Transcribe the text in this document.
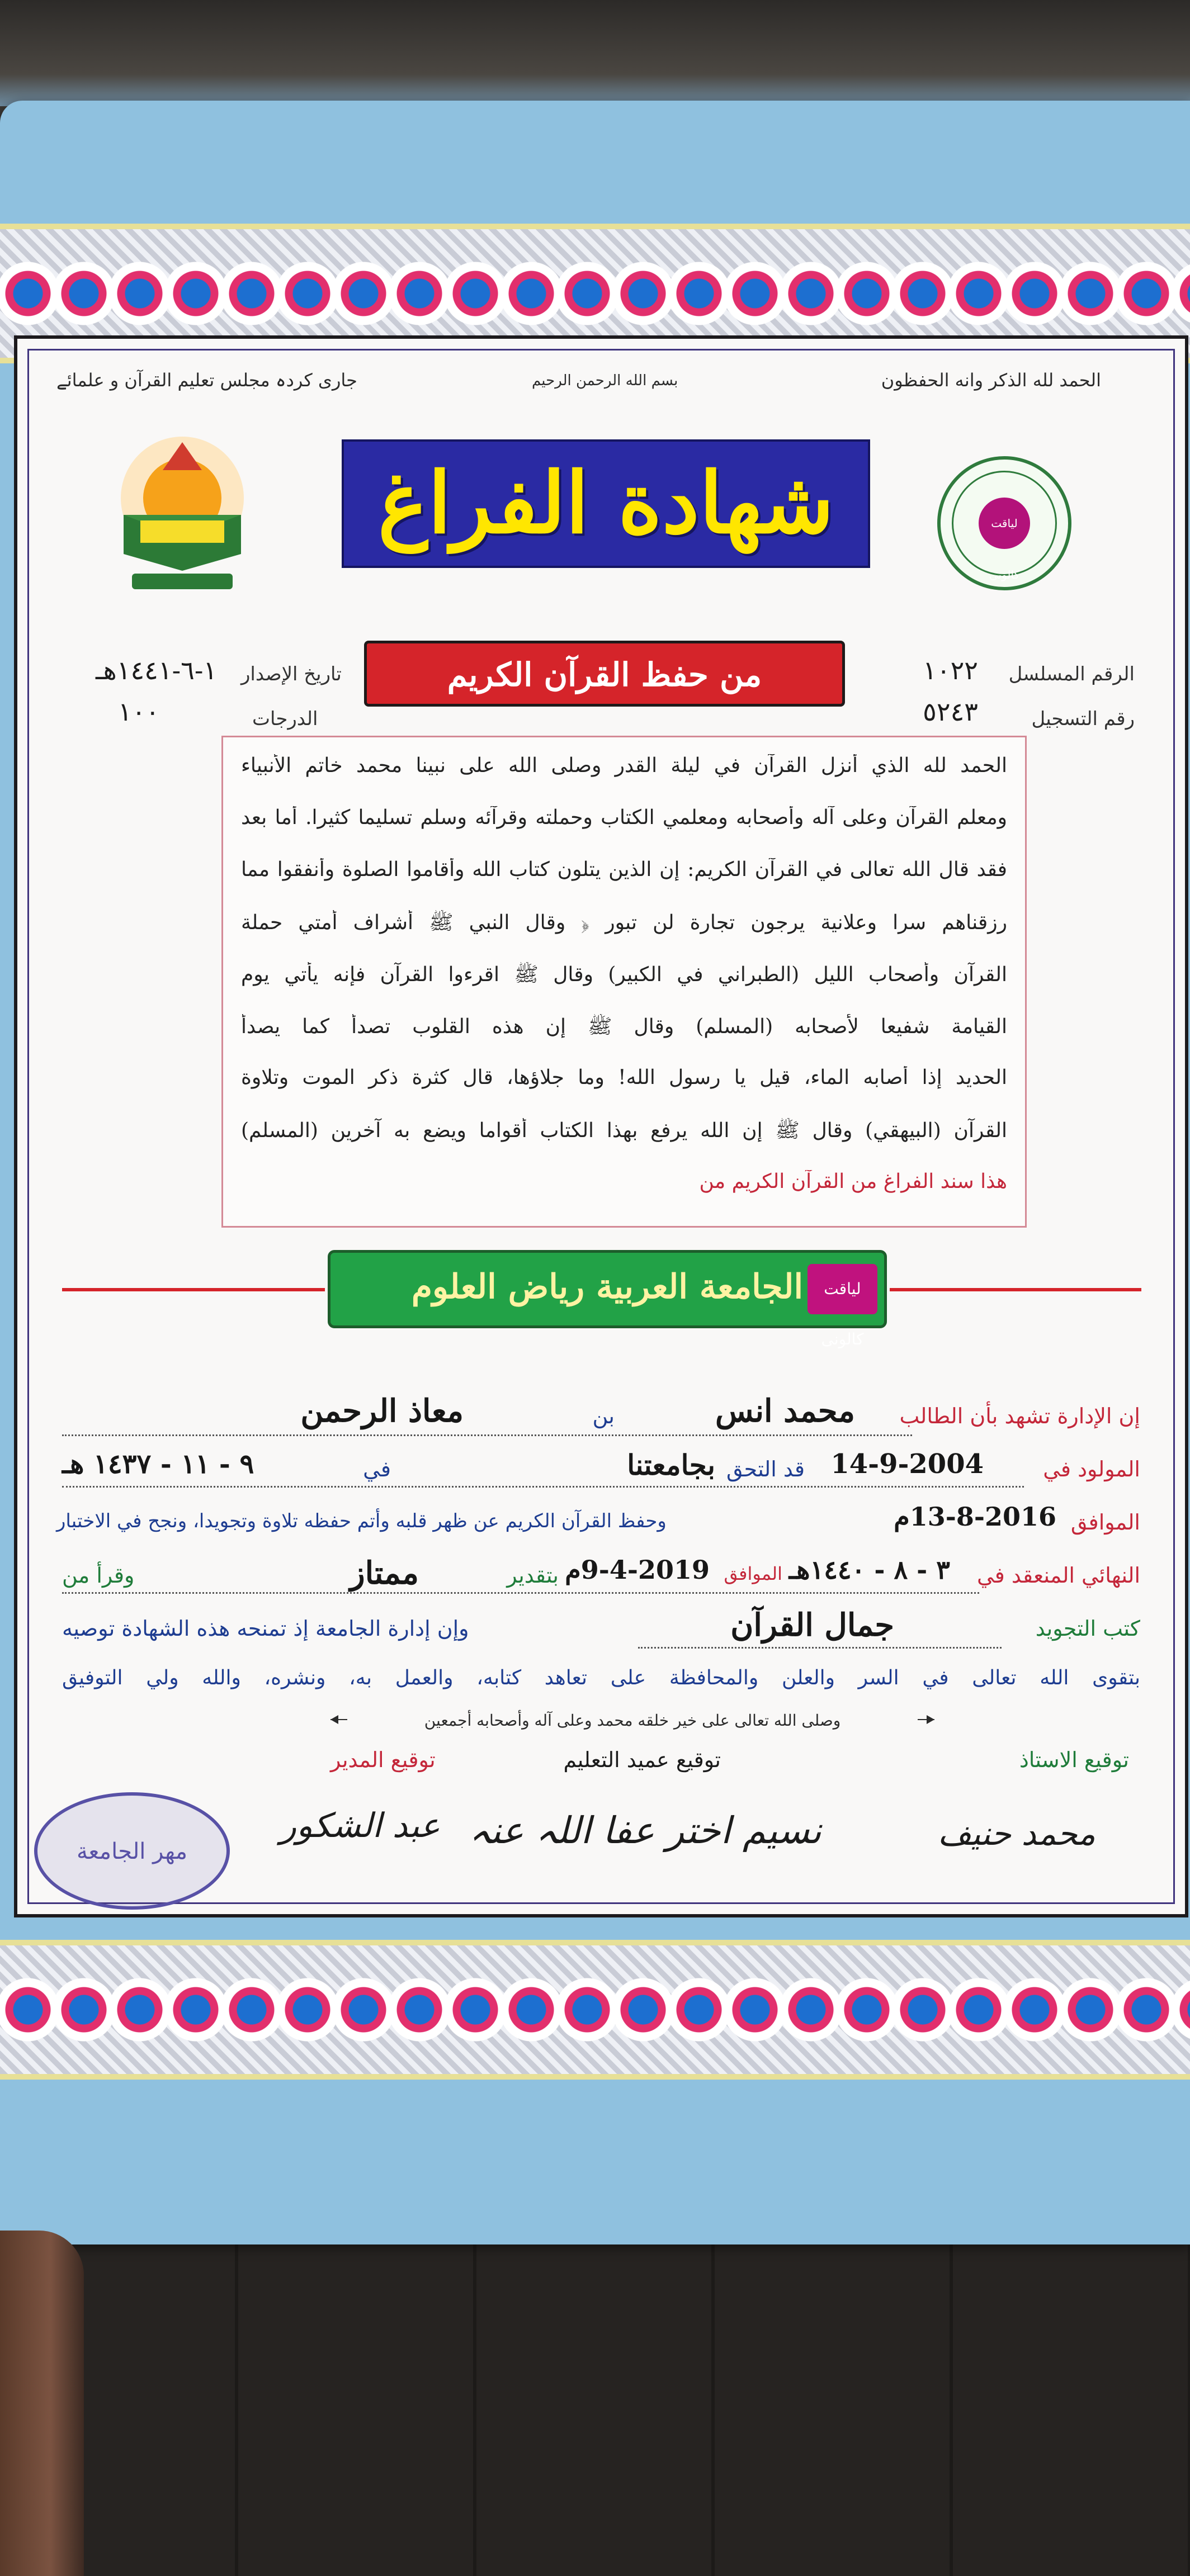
جاری کردہ مجلس تعلیم القرآن و علمائے	بسم الله الرحمن الرحيم	الحمد لله الذكر وانه الحفظون
لياقت كالونی
شهادة الفراغ
من حفظ القرآن الكريم
تاريخ الإصدار
١-٦-١٤٤١هـ
الدرجات
١٠٠
الرقم المسلسل
١٠٢٢
رقم التسجيل
٥٢٤٣
الحمد لله الذي أنزل القرآن في ليلة القدر وصلى الله على نبينا محمد خاتم الأنبياء
ومعلم القرآن وعلى آله وأصحابه ومعلمي الكتاب وحملته وقرآئه وسلم تسليما كثيرا. أما بعد
فقد قال الله تعالى في القرآن الكريم: إن الذين يتلون كتاب الله وأقاموا الصلوة وأنفقوا مما
رزقناهم سرا وعلانية يرجون تجارة لن تبور ﴿ وقال النبي ﷺ أشراف أمتي حملة
القرآن وأصحاب الليل (الطبراني في الكبير) وقال ﷺ اقرءوا القرآن فإنه يأتي يوم
القيامة شفيعا لأصحابه (المسلم) وقال ﷺ إن هذه القلوب تصدأ كما يصدأ
الحديد إذا أصابه الماء، قيل يا رسول الله! وما جلاؤها، قال كثرة ذكر الموت وتلاوة
القرآن (البيهقي) وقال ﷺ إن الله يرفع بهذا الكتاب أقواما ويضع به آخرين (المسلم)
هذا سند الفراغ من القرآن الكريم من
الجامعة العربية رياض العلوم	لياقت كالونی
إن الإدارة تشهد بأن الطالب
محمد انس
بن
معاذ الرحمن
المولود في
14-9-2004
قد التحق
بجامعتنا
في
٩ - ١١ - ١٤٣٧ هـ
الموافق
13-8-2016م
وحفظ القرآن الكريم عن ظهر قلبه وأتم حفظه تلاوة وتجويدا، ونجح في الاختبار
النهائي المنعقد في
٣ - ٨ - ١٤٤٠هـ
الموافق
9-4-2019م
بتقدير
ممتاز
وقرأ من
كتب التجويد
جمال القرآن
وإن إدارة الجامعة إذ تمنحه هذه الشهادة توصيه
بتقوى الله تعالى في السر والعلن والمحافظة على تعاهد كتابه، والعمل به، ونشره، والله ولي التوفيق
وصلى الله تعالى على خير خلقه محمد وعلى آله وأصحابه أجمعين
توقيع الاستاذ
توقيع عميد التعليم
توقيع المدير
محمد حنیف
نسیم اختر عفا اللہ عنہ
عبد الشکور
مهر الجامعة
